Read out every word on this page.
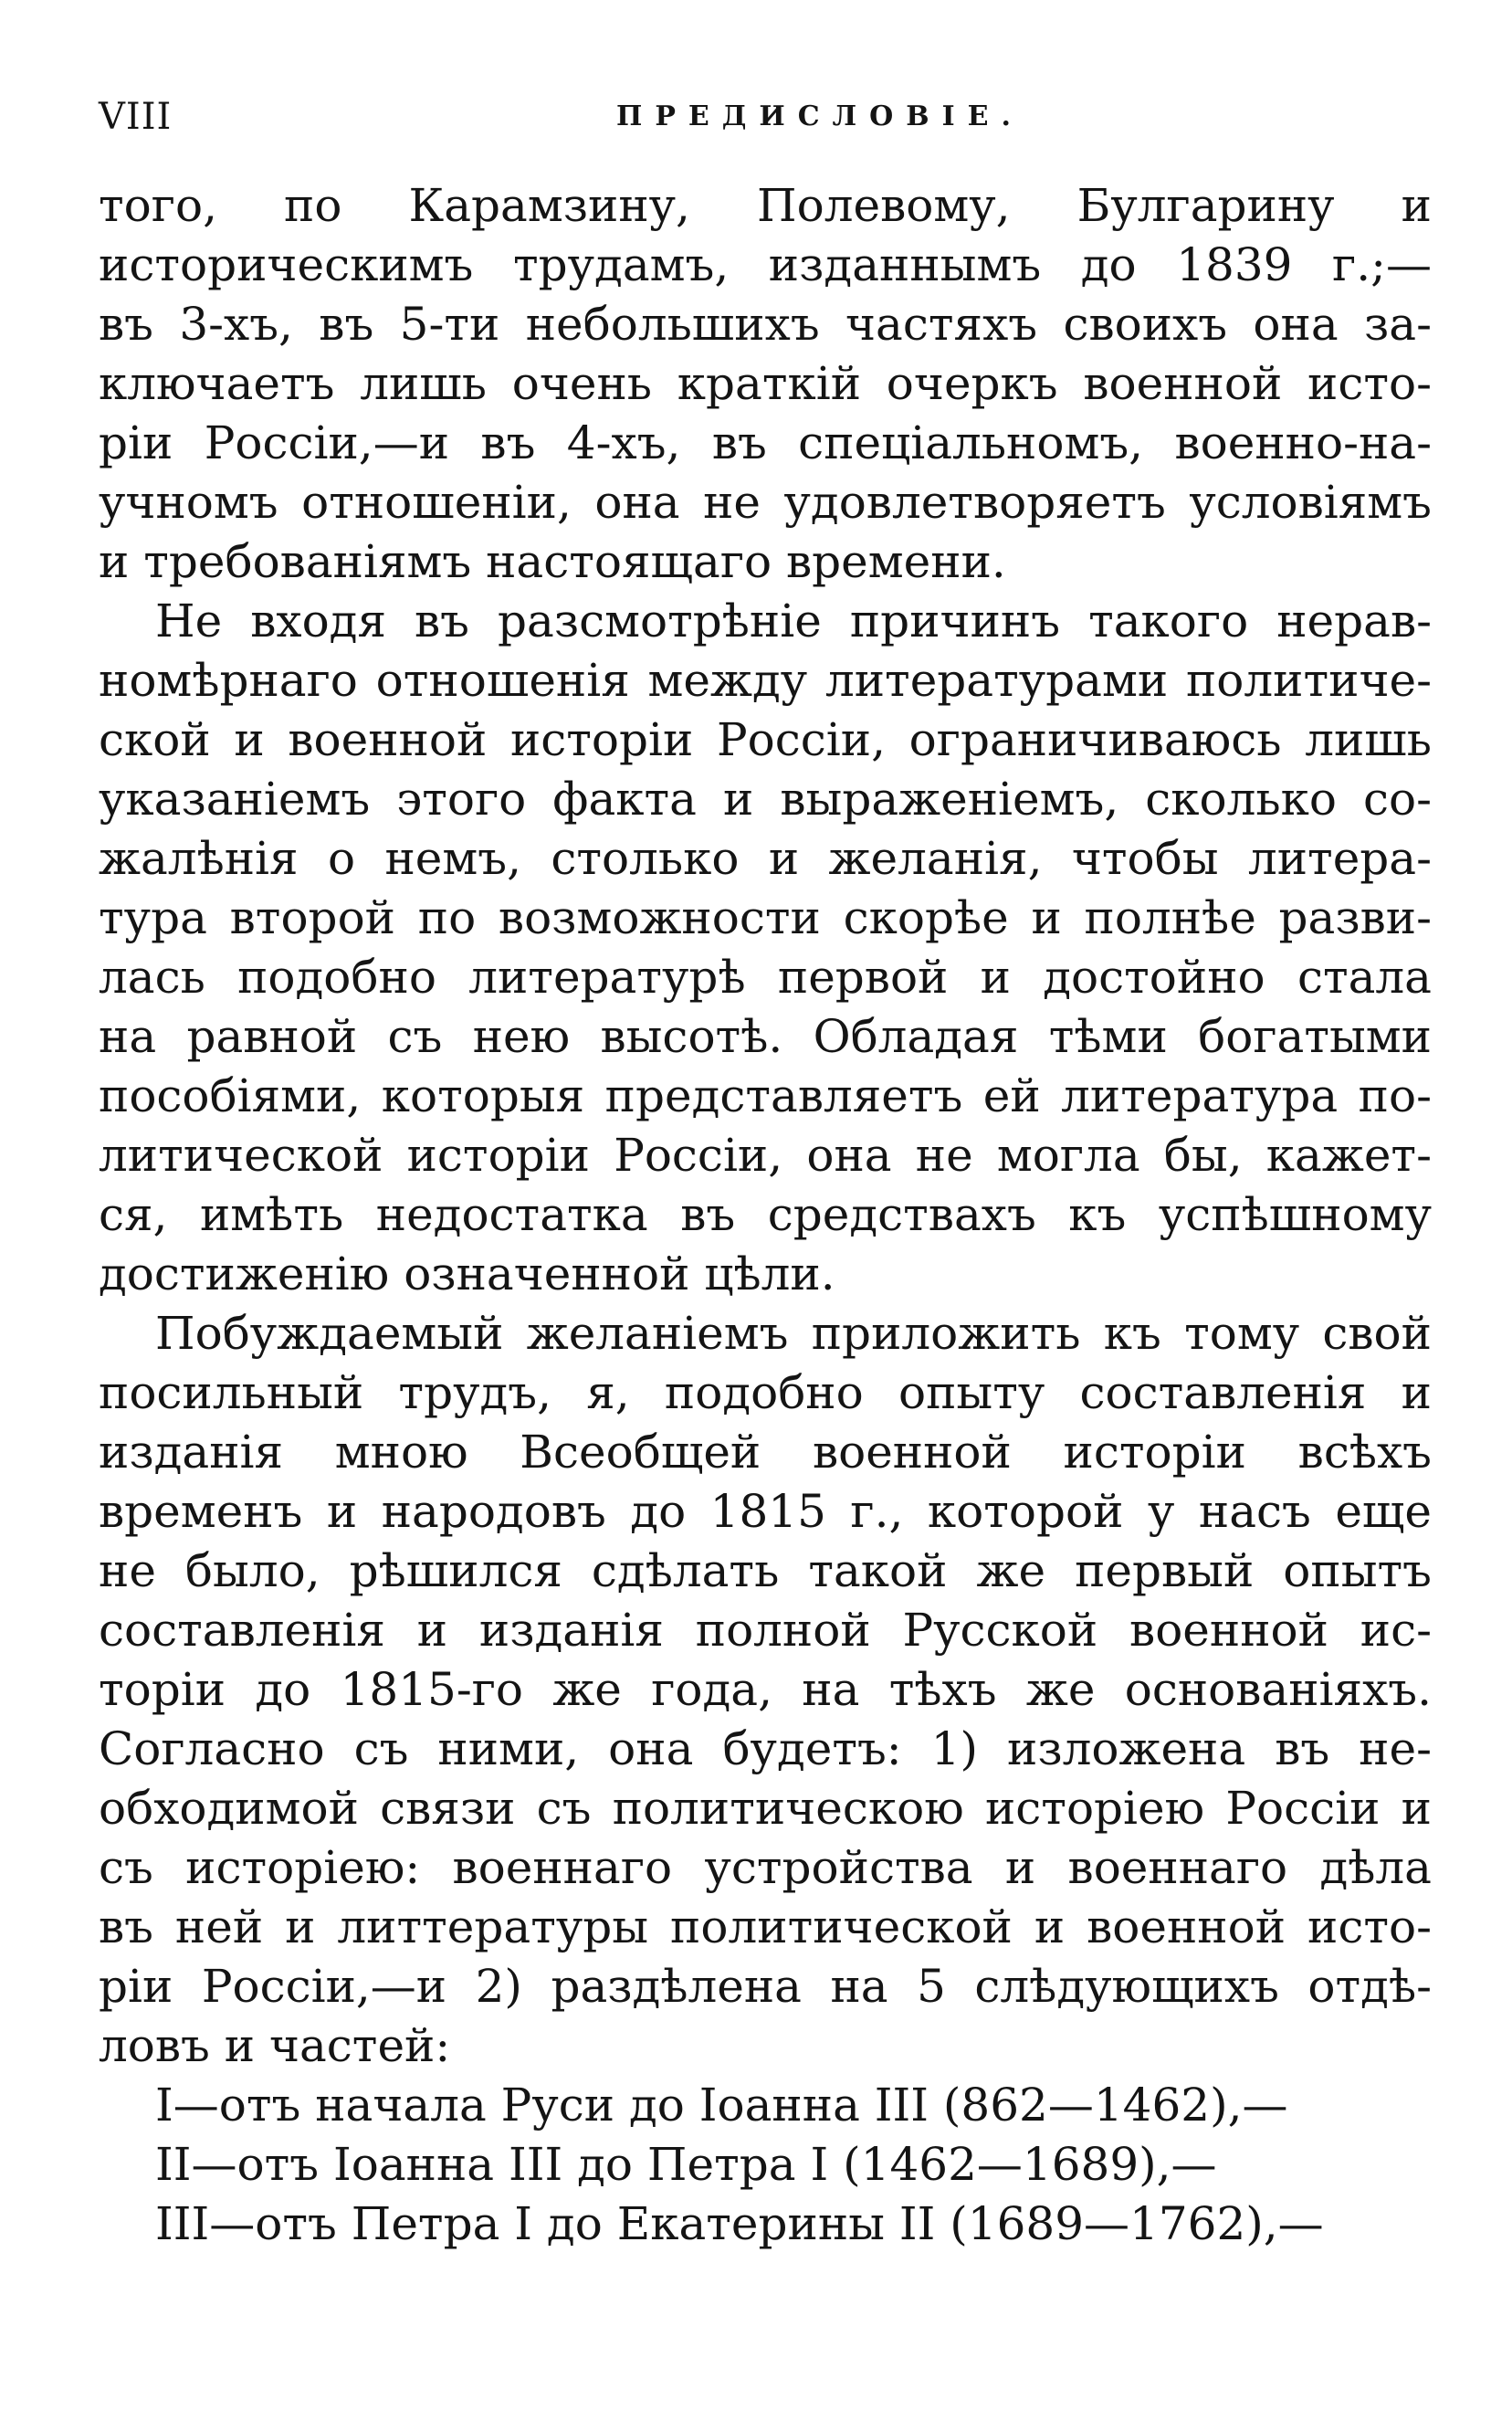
VIII	ПРЕДИСЛОВІЕ.
того, по Карамзину, Полевому, Булгарину и
историческимъ трудамъ, изданнымъ до 1839 г.;—
въ 3-хъ, въ 5-ти небольшихъ частяхъ своихъ она за-
ключаетъ лишь очень краткій очеркъ военной исто-
ріи Россіи,—и въ 4-хъ, въ спеціальномъ, военно-на-
учномъ отношеніи, она не удовлетворяетъ условіямъ
и требованіямъ настоящаго времени.
Не входя въ разсмотрѣніе причинъ такого нерав-
номѣрнаго отношенія между литературами политиче-
ской и военной исторіи Россіи, ограничиваюсь лишь
указаніемъ этого факта и выраженіемъ, сколько со-
жалѣнія о немъ, столько и желанія, чтобы литера-
тура второй по возможности скорѣе и полнѣе разви-
лась подобно литературѣ первой и достойно стала
на равной съ нею высотѣ. Обладая тѣми богатыми
пособіями, которыя представляетъ ей литература по-
литической исторіи Россіи, она не могла бы, кажет-
ся, имѣть недостатка въ средствахъ къ успѣшному
достиженію означенной цѣли.
Побуждаемый желаніемъ приложить къ тому свой
посильный трудъ, я, подобно опыту составленія и
изданія мною Всеобщей военной исторіи всѣхъ
временъ и народовъ до 1815 г., которой у насъ еще
не было, рѣшился сдѣлать такой же первый опытъ
составленія и изданія полной Русской военной ис-
торіи до 1815-го же года, на тѣхъ же основаніяхъ.
Согласно съ ними, она будетъ: 1) изложена въ не-
обходимой связи съ политическою исторіею Россіи и
съ исторіею: военнаго устройства и военнаго дѣла
въ ней и литтературы политической и военной исто-
ріи Россіи,—и 2) раздѣлена на 5 слѣдующихъ отдѣ-
ловъ и частей:
I—отъ начала Руси до Іоанна III (862—1462),—
II—отъ Іоанна III до Петра I (1462—1689),—
III—отъ Петра I до Екатерины II (1689—1762),—
